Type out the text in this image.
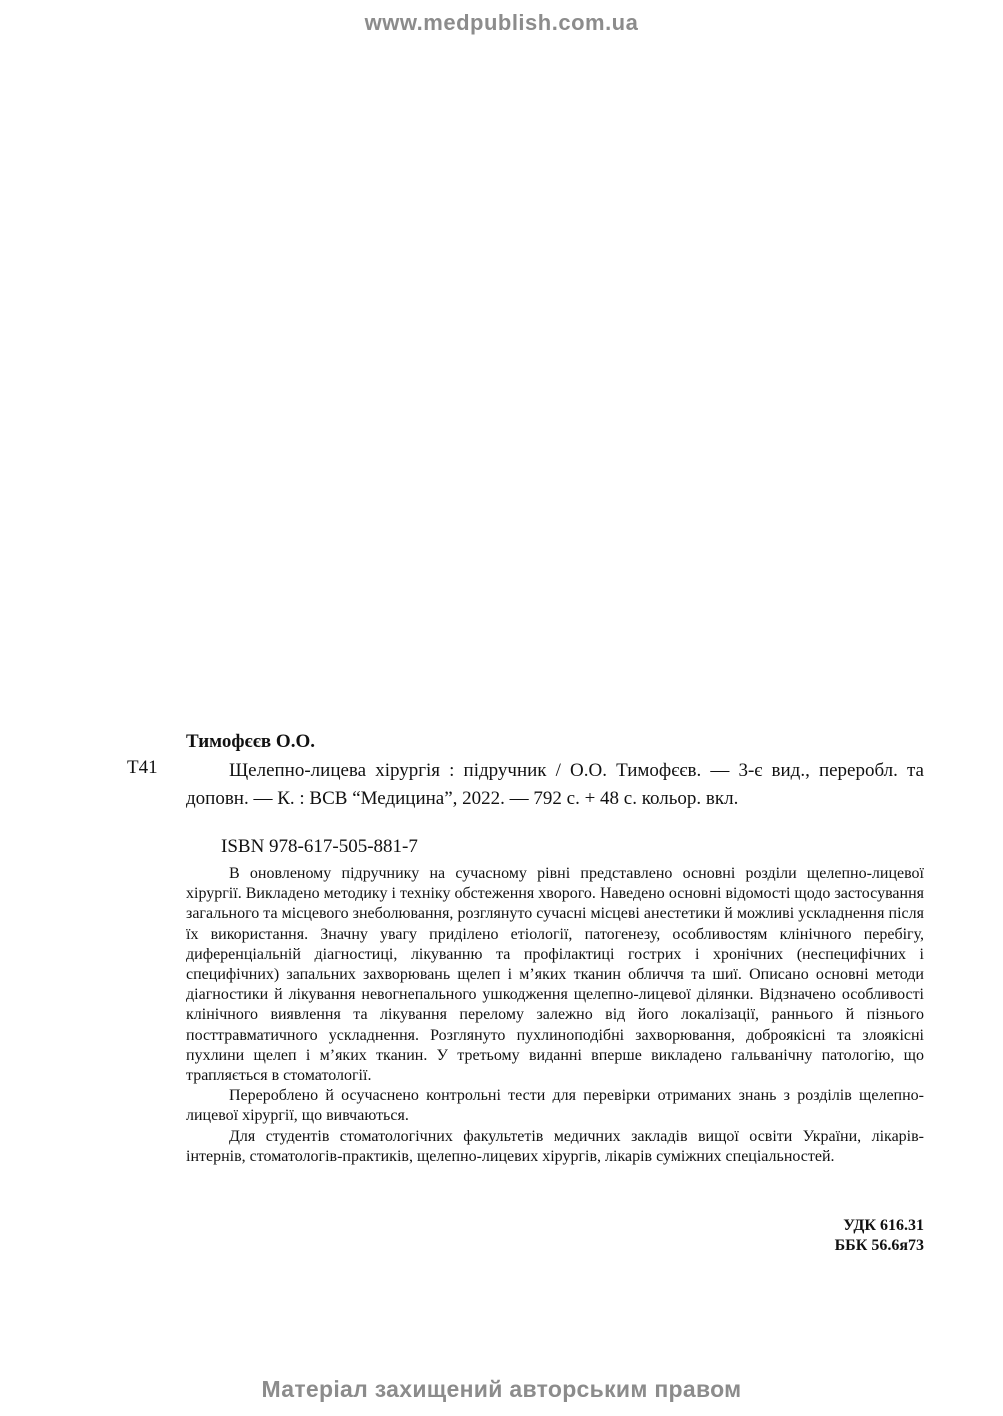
www.medpublish.com.ua
Тимофєєв О.О.
Т41	Щелепно-лицева хірургія : підручник / О.О. Тимофєєв. — 3-є вид., переробл. та доповн. — К. : ВСВ “Медицина”, 2022. — 792 с. + 48 с. кольор. вкл.
ISBN 978-617-505-881-7

В оновленому підручнику на сучасному рівні представлено основні розділи щелепно-лицевої хірургії. Викладено методику і техніку обстеження хворого. Наведено основні відомості щодо застосування загального та місцевого знеболювання, розглянуто сучасні місцеві анестетики й можливі ускладнення після їх використання. Значну увагу приділено етіології, патогенезу, особливостям клінічного перебігу, диференціальній діагностиці, лікуванню та профілактиці гострих і хронічних (неспецифічних і специфічних) запальних захворювань щелеп і м’яких тканин обличчя та шиї. Описано основні методи діагностики й лікування невогнепального ушкодження щелепно-лицевої ділянки. Відзначено особливості клінічного виявлення та лікування перелому залежно від його локалізації, раннього й пізнього посттравматичного ускладнення. Розглянуто пухлиноподібні захворювання, доброякісні та злоякісні пухлини щелеп і м’яких тканин. У третьому виданні вперше викладено гальванічну патологію, що трапляється в стоматології.

Перероблено й осучаснено контрольні тести для перевірки отриманих знань з розділів щелепно-лицевої хірургії, що вивчаються.

Для студентів стоматологічних факультетів медичних закладів вищої освіти України, лікарів-інтернів, стоматологів-практиків, щелепно-лицевих хірургів, лікарів суміжних спеціальностей.

УДК 616.31
ББК 56.6я73
Матеріал захищений авторським правом
